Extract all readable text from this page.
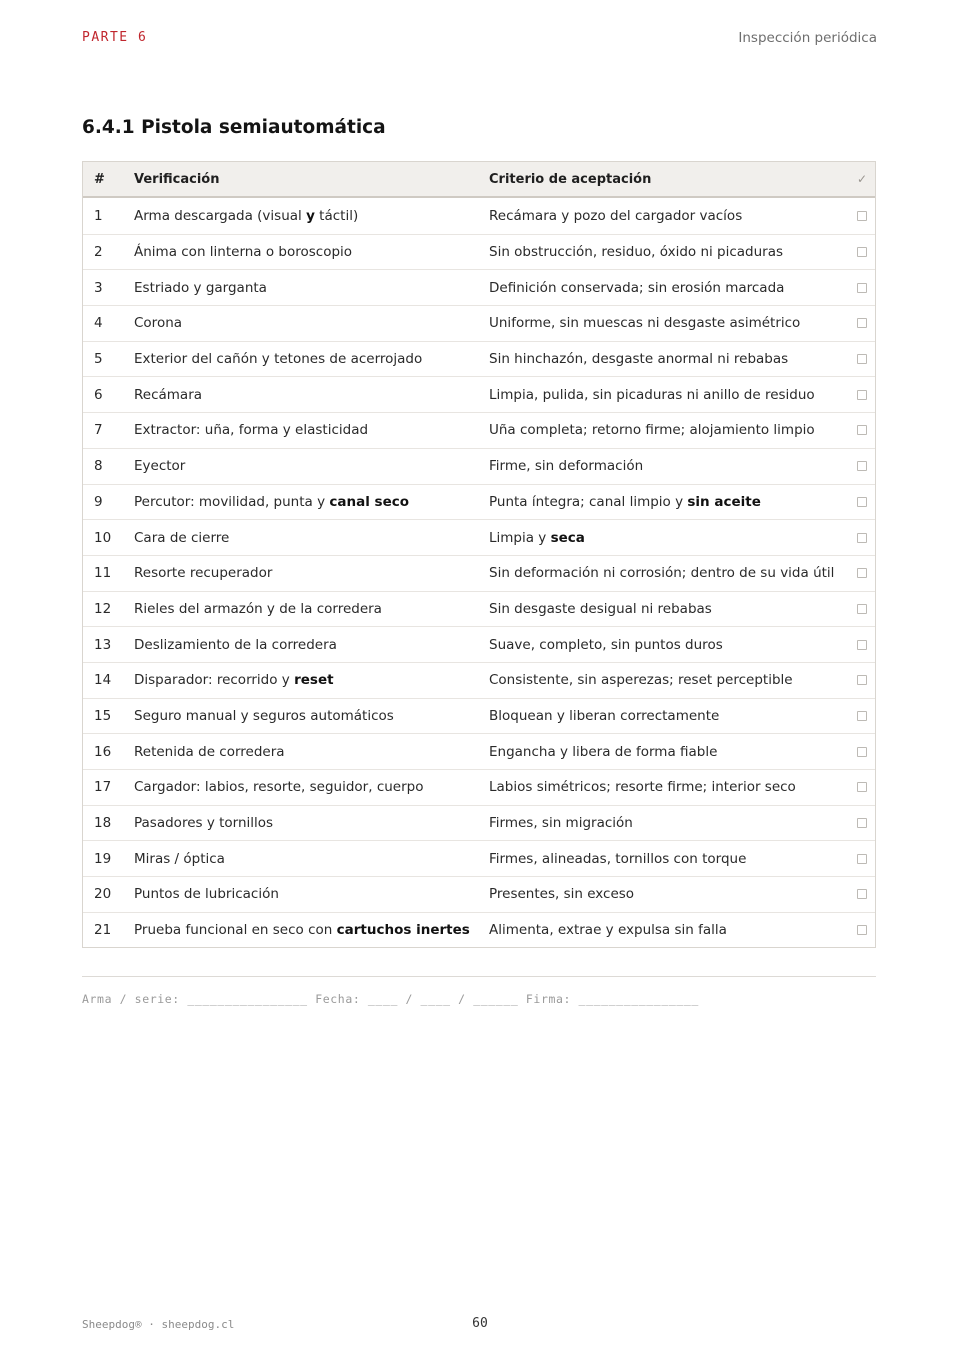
PARTE 6	Inspección periódica
6.4.1 Pistola semiautomática
#	Verificación	Criterio de aceptación	✓
1	Arma descargada (visual y táctil)	Recámara y pozo del cargador vacíos
2	Ánima con linterna o boroscopio	Sin obstrucción, residuo, óxido ni picaduras
3	Estriado y garganta	Definición conservada; sin erosión marcada
4	Corona	Uniforme, sin muescas ni desgaste asimétrico
5	Exterior del cañón y tetones de acerrojado	Sin hinchazón, desgaste anormal ni rebabas
6	Recámara	Limpia, pulida, sin picaduras ni anillo de residuo
7	Extractor: uña, forma y elasticidad	Uña completa; retorno firme; alojamiento limpio
8	Eyector	Firme, sin deformación
9	Percutor: movilidad, punta y canal seco	Punta íntegra; canal limpio y sin aceite
10	Cara de cierre	Limpia y seca
11	Resorte recuperador	Sin deformación ni corrosión; dentro de su vida útil
12	Rieles del armazón y de la corredera	Sin desgaste desigual ni rebabas
13	Deslizamiento de la corredera	Suave, completo, sin puntos duros
14	Disparador: recorrido y reset	Consistente, sin asperezas; reset perceptible
15	Seguro manual y seguros automáticos	Bloquean y liberan correctamente
16	Retenida de corredera	Engancha y libera de forma fiable
17	Cargador: labios, resorte, seguidor, cuerpo	Labios simétricos; resorte firme; interior seco
18	Pasadores y tornillos	Firmes, sin migración
19	Miras / óptica	Firmes, alineadas, tornillos con torque
20	Puntos de lubricación	Presentes, sin exceso
21	Prueba funcional en seco con cartuchos inertes	Alimenta, extrae y expulsa sin falla
Arma / serie: ________________ Fecha: ____ / ____ / ______ Firma: ________________
Sheepdog® · sheepdog.cl	60
